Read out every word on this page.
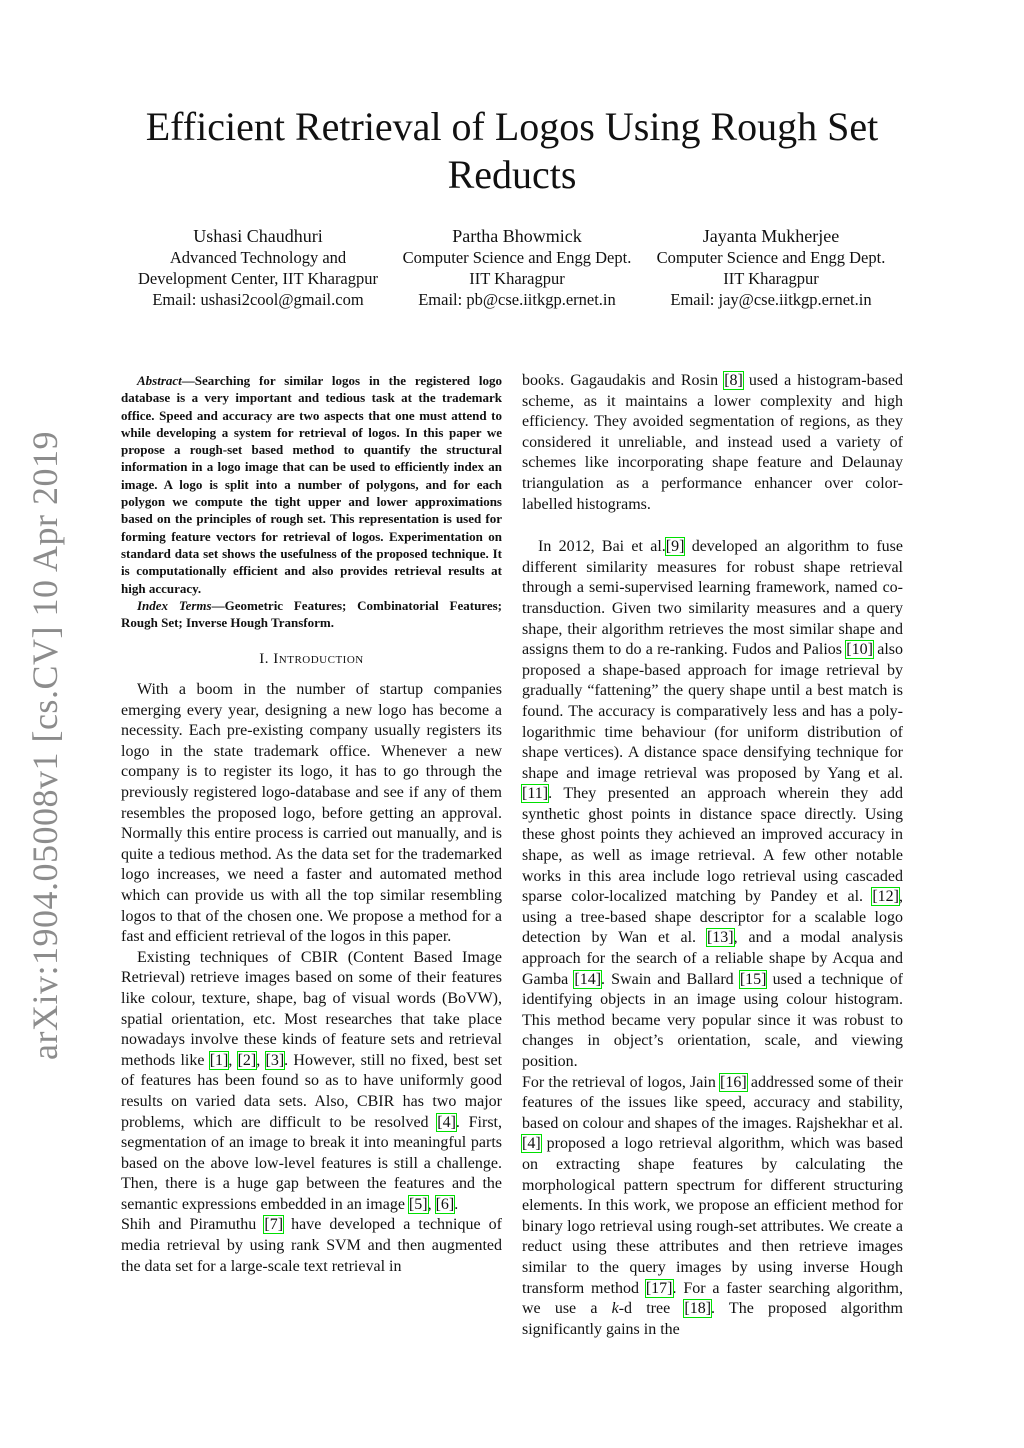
arXiv:1904.05008v1 [cs.CV] 10 Apr 2019
Efficient Retrieval of Logos Using Rough Set Reducts
Ushasi Chaudhuri
Advanced Technology and
Development Center, IIT Kharagpur
Email: ushasi2cool@gmail.com
Partha Bhowmick
Computer Science and Engg Dept.
IIT Kharagpur
Email: pb@cse.iitkgp.ernet.in
Jayanta Mukherjee
Computer Science and Engg Dept.
IIT Kharagpur
Email: jay@cse.iitkgp.ernet.in

Abstract—Searching for similar logos in the registered logo database is a very important and tedious task at the trademark office. Speed and accuracy are two aspects that one must attend to while developing a system for retrieval of logos. In this paper we propose a rough-set based method to quantify the structural information in a logo image that can be used to efficiently index an image. A logo is split into a number of polygons, and for each polygon we compute the tight upper and lower approximations based on the principles of rough set. This representation is used for forming feature vectors for retrieval of logos. Experimentation on standard data set shows the usefulness of the proposed technique. It is computationally efficient and also provides retrieval results at high accuracy.

Index Terms—Geometric Features; Combinatorial Features; Rough Set; Inverse Hough Transform.

I. Introduction

With a boom in the number of startup companies emerging every year, designing a new logo has become a necessity. Each pre-existing company usually registers its logo in the state trademark office. Whenever a new company is to register its logo, it has to go through the previously registered logo-database and see if any of them resembles the proposed logo, before getting an approval. Normally this entire process is carried out manually, and is quite a tedious method. As the data set for the trademarked logo increases, we need a faster and automated method which can provide us with all the top similar resembling logos to that of the chosen one. We propose a method for a fast and efficient retrieval of the logos in this paper.

Existing techniques of CBIR (Content Based Image Retrieval) retrieve images based on some of their features like colour, texture, shape, bag of visual words (BoVW), spatial orientation, etc. Most researches that take place nowadays involve these kinds of feature sets and retrieval methods like [1], [2], [3]. However, still no fixed, best set of features has been found so as to have uniformly good results on varied data sets. Also, CBIR has two major problems, which are difficult to be resolved [4]. First, segmentation of an image to break it into meaningful parts based on the above low-level features is still a challenge. Then, there is a huge gap between the features and the semantic expressions embedded in an image [5], [6].

Shih and Piramuthu [7] have developed a technique of media retrieval by using rank SVM and then augmented the data set for a large-scale text retrieval in

books. Gagaudakis and Rosin [8] used a histogram-based scheme, as it maintains a lower complexity and high efficiency. They avoided segmentation of regions, as they considered it unreliable, and instead used a variety of schemes like incorporating shape feature and Delaunay triangulation as a performance enhancer over color-labelled histograms.

In 2012, Bai et al.[9] developed an algorithm to fuse different similarity measures for robust shape retrieval through a semi-supervised learning framework, named co-transduction. Given two similarity measures and a query shape, their algorithm retrieves the most similar shape and assigns them to do a re-ranking. Fudos and Palios [10] also proposed a shape-based approach for image retrieval by gradually “fattening” the query shape until a best match is found. The accuracy is comparatively less and has a poly-logarithmic time behaviour (for uniform distribution of shape vertices). A distance space densifying technique for shape and image retrieval was proposed by Yang et al. [11]. They presented an approach wherein they add synthetic ghost points in distance space directly. Using these ghost points they achieved an improved accuracy in shape, as well as image retrieval. A few other notable works in this area include logo retrieval using cascaded sparse color-localized matching by Pandey et al. [12], using a tree-based shape descriptor for a scalable logo detection by Wan et al. [13], and a modal analysis approach for the search of a reliable shape by Acqua and Gamba [14]. Swain and Ballard [15] used a technique of identifying objects in an image using colour histogram. This method became very popular since it was robust to changes in object’s orientation, scale, and viewing position.

For the retrieval of logos, Jain [16] addressed some of their features of the issues like speed, accuracy and stability, based on colour and shapes of the images. Rajshekhar et al. [4] proposed a logo retrieval algorithm, which was based on extracting shape features by calculating the morphological pattern spectrum for different structuring elements. In this work, we propose an efficient method for binary logo retrieval using rough-set attributes. We create a reduct using these attributes and then retrieve images similar to the query images by using inverse Hough transform method [17]. For a faster searching algorithm, we use a k-d tree [18]. The proposed algorithm significantly gains in the
